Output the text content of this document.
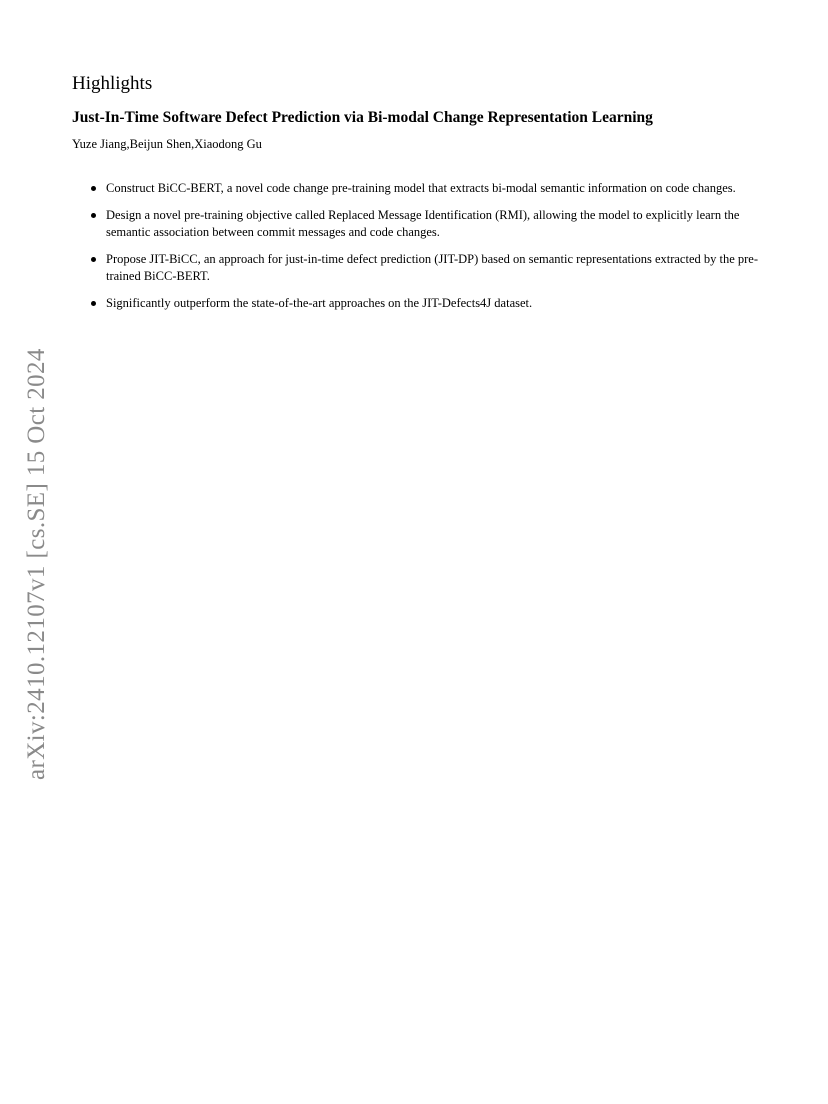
arXiv:2410.12107v1 [cs.SE] 15 Oct 2024
Highlights
Just-In-Time Software Defect Prediction via Bi-modal Change Representation Learning

Yuze Jiang,Beijun Shen,Xiaodong Gu

Construct BiCC-BERT, a novel code change pre-training model that extracts bi-modal semantic information on code changes.
Design a novel pre-training objective called Replaced Message Identification (RMI), allowing the model to explicitly learn the semantic association between commit messages and code changes.
Propose JIT-BiCC, an approach for just-in-time defect prediction (JIT-DP) based on semantic representations extracted by the pre-trained BiCC-BERT.
Significantly outperform the state-of-the-art approaches on the JIT-Defects4J dataset.
